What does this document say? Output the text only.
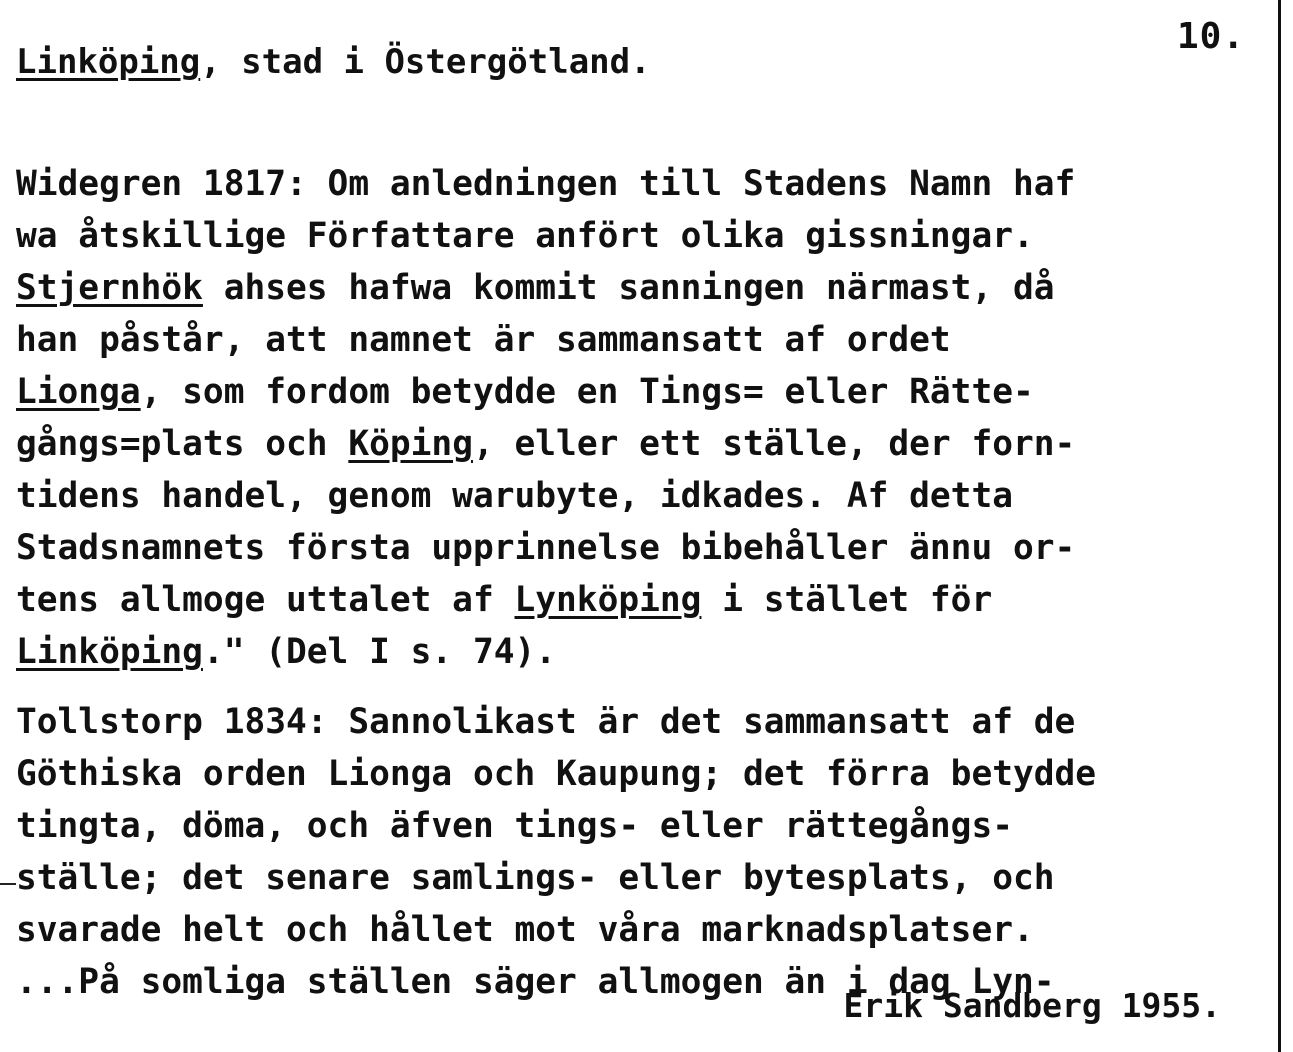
10.
Linköping, stad i Östergötland.
Widegren 1817: Om anledningen till Stadens Namn haf
wa åtskillige Författare anfört olika gissningar.
Stjernhök ahses hafwa kommit sanningen närmast, då
han påstår, att namnet är sammansatt af ordet
Lionga, som fordom betydde en Tings= eller Rätte-
gångs=plats och Köping, eller ett ställe, der forn-
tidens handel, genom warubyte, idkades. Af detta
Stadsnamnets första upprinnelse bibehåller ännu or-
tens allmoge uttalet af Lynköping i stället för
Linköping." (Del I s. 74).
Tollstorp 1834: Sannolikast är det sammansatt af de
Göthiska orden Lionga och Kaupung; det förra betydde
tingta, döma, och äfven tings- eller rättegångs-
ställe; det senare samlings- eller bytesplats, och
svarade helt och hållet mot våra marknadsplatser.
...På somliga ställen säger allmogen än i dag Lyn-
Erik Sandberg 1955.
